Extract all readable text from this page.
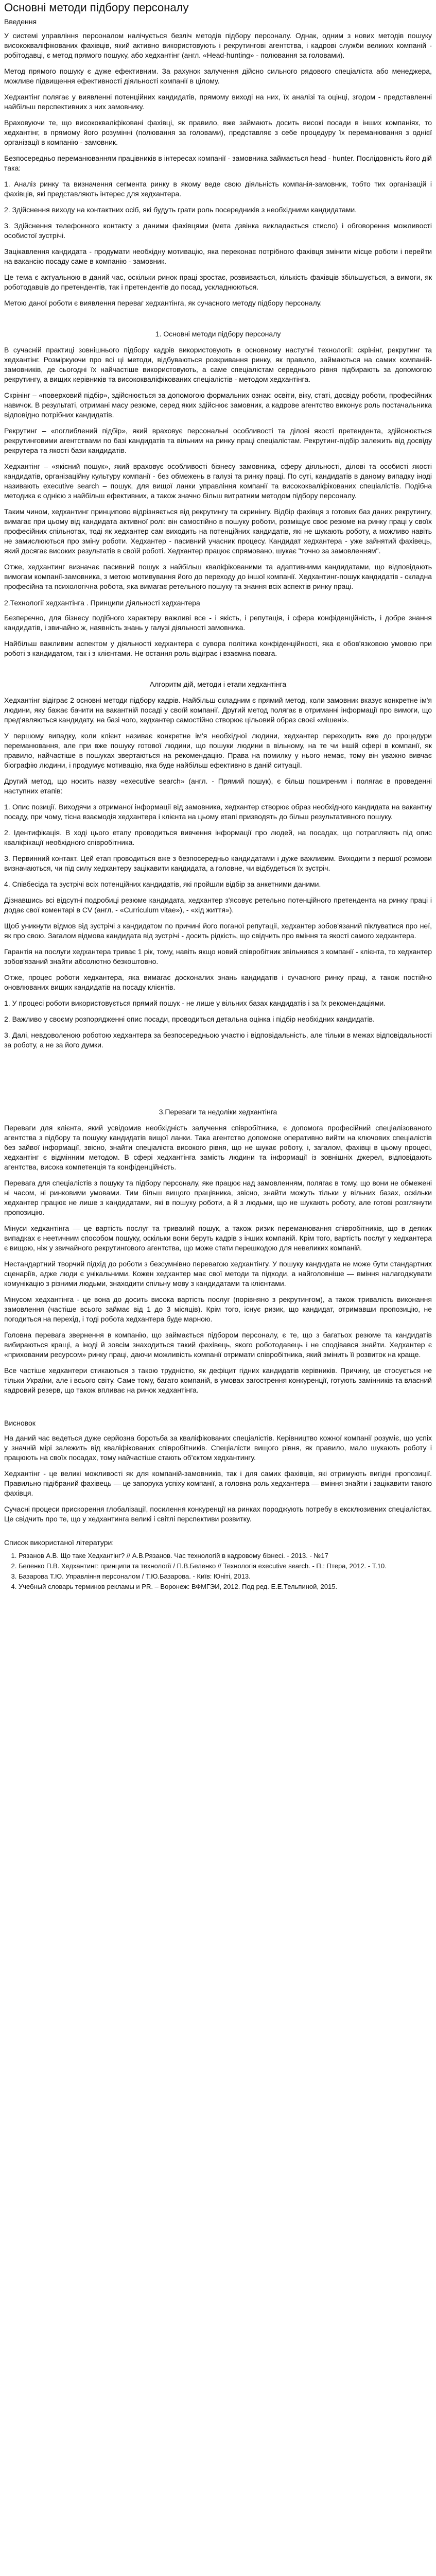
Основні методи підбору персоналу
Введення

У системі управління персоналом налічується безліч методів підбору персоналу. Однак, одним з нових методів пошуку висококваліфікованих фахівців, який активно використовують і рекрутингові агентства, і кадрові служби великих компаній - робітодавці, є метод прямого пошуку, або хедхантінг (англ. «Head-hunting» - полювання за головами).

Метод прямого пошуку є дуже ефективним. За рахунок залучення дійсно сильного рядового спеціаліста або менеджера, можливе підвищення ефективності діяльності компанії в цілому.

Хедхантінг полягає у виявленні потенційних кандидатів, прямому виході на них, їх аналізі та оцінці, згодом - представленні найбільш перспективних з них замовнику.

Враховуючи те, що висококваліфіковані фахівці, як правило, вже займають досить високі посади в інших компаніях, то хедхантінг, в прямому його розумінні (полювання за головами), представляє з себе процедуру їх переманювання з однієї організації в компанію - замовник.

Безпосередньо переманюванням працівників в інтересах компанії - замовника займається head - hunter. Послідовність його дій така:

1. Аналіз ринку та визначення сегмента ринку в якому веде свою діяльність компанія-замовник, тобто тих організацій і фахівців, які представляють інтерес для хедхантера.

2. Здійснення виходу на контактних осіб, які будуть грати роль посередників з необхідними кандидатами.

3. Здійснення телефонного контакту з даними фахівцями (мета дзвінка викладається стисло) і обговорення можливості особистої зустрічі.

Зацікавлення кандидата - продумати необхідну мотивацію, яка переконає потрібного фахівця змінити місце роботи і перейти на вакансію посаду саме в компанію - замовник.

Це тема є актуальною в даний час, оскільки ринок праці зростає, розвивається, кількість фахівців збільшується, а вимоги, як роботодавців до претендентів, так і претендентів до посад, ускладнюються.

Метою даної роботи є виявлення переваг хедхантінга, як сучасного методу підбору персоналу.

1. Основні методи підбору персоналу

В сучасній практиці зовнішнього підбору кадрів використовують в основному наступні технології: скрінінг, рекрутинг та хедхантінг. Розміркуючи про всі ці методи, відбуваються розкривання ринку, як правило, займаються на самих компаній-замовників, де сьогодні їх найчастіше використовують, а саме спеціалістам середнього рівня підбирають за допомогою рекрутингу, а вищих керівників та висококваліфікованих спеціалістів - методом хедхантінга.

Скрінінг – «поверховий підбір», здійснюється за допомогою формальних ознак: освіти, віку, статі, досвіду роботи, професійних навичок. В результаті, отримані масу резюме, серед яких здійснює замовник, а кадрове агентство виконує роль постачальника відповідно потрібних кандидатів.

Рекрутинг – «поглиблений підбір», який враховує персональні особливості та ділові якості претендента, здійснюється рекрутинговими агентствами по базі кандидатів та вільним на ринку праці спеціалістам. Рекрутинг-підбір залежить від досвіду рекрутера та якості бази кандидатів.

Хедхантінг – «якісний пошук», який враховує особливості бізнесу замовника, сферу діяльності, ділові та особисті якості кандидатів, організаційну культуру компанії - без обмежень в галузі та ринку праці. По суті, кандидатів в даному випадку іноді називають executive search – пошук, для вищої ланки управління компанії та висококваліфікованих спеціалістів. Подібна методика є однією з найбільш ефективних, а також значно більш витратним методом підбору персоналу.

Таким чином, хедхантинг принципово відрізняється від рекрутингу та скринінгу. Відбір фахівця з готових баз даних рекрутингу, вимагає при цьому від кандидата активної ролі: він самостійно в пошуку роботи, розміщує своє резюме на ринку праці у своїх професійних спільнотах, тоді як хедхантер сам виходить на потенційних кандидатів, які не шукають роботу, а можливо навіть не замислюються про зміну роботи. Хедхантер - пасивний учасник процесу. Кандидат хедхантера - уже зайнятий фахівець, який досягає високих результатів в своїй роботі. Хедхантер працює спрямовано, шукає "точно за замовленням".

Отже, хедхантинг визначає пасивний пошук з найбільш кваліфікованими та адаптивними кандидатами, що відповідають вимогам компанії-замовника, з метою мотивування його до переходу до іншої компанії. Хедхантинг-пошук кандидатів - складна професійна та психологічна робота, яка вимагає ретельного пошуку та знання всіх аспектів ринку праці.

2.Технології хедхантінга . Принципи діяльності хедхантера

Безперечно, для бізнесу подібного характеру важливі все - і якість, і репутація, і сфера конфіденційність, і добре знання кандидатів, і звичайно ж, наявність знань у галузі діяльності замовника.

Найбільш важливим аспектом у діяльності хедхантера є сувора політика конфіденційності, яка є обов'язковою умовою при роботі з кандидатом, так і з клієнтами. Не остання роль відіграє і взаємна повага.

Алгоритм дій, методи і етапи хедхантінга

Хедхантінг відіграє 2 основні методи підбору кадрів. Найбільш складним є прямий метод, коли замовник вказує конкретне ім'я людини, яку бажає бачити на вакантній посаді у своїй компанії. Другий метод полягає в отриманні інформації про вимоги, що пред'являються кандидату, на базі чого, хедхантер самостійно створює цільовий образ своєї «мішені».

У першому випадку, коли клієнт називає конкретне ім'я необхідної людини, хедхантер переходить вже до процедури переманювання, але при вже пошуку готової людини, що пошуки людини в вільному, на те чи іншій сфері в компанії, як правило, найчастіше в пошуках звертаються на рекомендацію. Права на помилку у нього немає, тому він уважно вивчає біографію людини, і продумує мотивацію, яка буде найбільш ефективно в даній ситуації.

Другий метод, що носить назву «executive search» (англ. - Прямий пошук), є більш поширеним і полягає в проведенні наступних етапів:

1. Опис позиції. Виходячи з отриманої інформації від замовника, хедхантер створює образ необхідного кандидата на вакантну посаду, при чому, тісна взаємодія хедхантера і клієнта на цьому етапі призводять до більш результативного пошуку.

2. Ідентифікація. В ході цього етапу проводиться вивчення інформації про людей, на посадах, що потрапляють під опис кваліфікації необхідного співробітника.

3. Первинний контакт. Цей етап проводиться вже з безпосередньо кандидатами і дуже важливим. Виходити з першої розмови визначаються, чи під силу хедхантеру зацікавити кандидата, а головне, чи відбудеться їх зустріч.

4. Співбесіда та зустрічі всіх потенційних кандидатів, які пройшли відбір за анкетними даними.

Дізнавшись всі відсутні подробиці резюме кандидата, хедхантер з'ясовує ретельно потенційного претендента на ринку праці і додає свої коментарі в CV (англ. - «Curriculum vitae»), - «хід життя»).

Щоб уникнути відмов від зустрічі з кандидатом по причині його поганої репутації, хедхантер зобов'язаний піклуватися про неї, як про свою. Загалом відмова кандидата від зустрічі - досить рідкість, що свідчить про вміння та якості самого хедхантера.

Гарантія на послуги хедхантера триває 1 рік, тому, навіть якщо новий співробітник звільнився з компанії - клієнта, то хедхантер зобов'язаний знайти абсолютно безкоштовно.

Отже, процес роботи хедхантера, яка вимагає досконалих знань кандидатів і сучасного ринку праці, а також постійно оновлюваних вищих кандидатів на посаду клієнтів.

1. У процесі роботи використовується прямий пошук - не лише у вільних базах кандидатів і за їх рекомендаціями.

2. Важливо у своєму розпорядженні опис посади, проводиться детальна оцінка і підбір необхідних кандидатів.

3. Далі, невдоволеною роботою хедхантера за безпосередньою участю і відповідальність, але тільки в межах відповідальності за роботу, а не за його думки.

3.Переваги та недоліки хедхантінга

Переваги для клієнта, який усвідомив необхідність залучення співробітника, є допомога професійний спеціалізованого агентства з підбору та пошуку кандидатів вищої ланки. Така агентство допоможе оперативно вийти на ключових спеціалістів без зайвої інформації, звісно, знайти спеціаліста високого рівня, що не шукає роботу, і, загалом, фахівці в цьому процесі, хедхантінг є відмінним методом. В сфері хедхантінга замість людини та інформації із зовнішніх джерел, відповідають агентства, висока компетенція та конфіденційність.

Перевага для спеціалістів з пошуку та підбору персоналу, яке працює над замовленням, полягає в тому, що вони не обмежені ні часом, ні ринковими умовами. Тим більш вищого працівника, звісно, знайти можуть тільки у вільних базах, оскільки хедхантер працює не лише з кандидатами, які в пошуку роботи, а й з людьми, що не шукають роботу, але готові розглянути пропозицію.

Мінуси хедхантінга — це вартість послуг та тривалий пошук, а також ризик переманювання співробітників, що в деяких випадках є неетичним способом пошуку, оскільки вони беруть кадрів з інших компаній. Крім того, вартість послуг у хедхантера є вищою, ніж у звичайного рекрутингового агентства, що може стати перешкодою для невеликих компаній.

Нестандартний творчий підхід до роботи з безсумнівно перевагою хедхантінгу. У пошуку кандидата не може бути стандартних сценаріїв, адже люди є унікальними. Кожен хедхантер має свої методи та підходи, а найголовніше — вміння налагоджувати комунікацію з різними людьми, знаходити спільну мову з кандидатами та клієнтами.

Мінусом хедхантінга - це вона до досить висока вартість послуг (порівняно з рекрутингом), а також тривалість виконання замовлення (частіше всього займає від 1 до 3 місяців). Крім того, існує ризик, що кандидат, отримавши пропозицію, не погодиться на перехід, і тоді робота хедхантера буде марною.

Головна перевага звернення в компанію, що займається підбором персоналу, є те, що з багатьох резюме та кандидатів вибираються кращі, а іноді й зовсім знаходиться такий фахівець, якого роботодавець і не сподівався знайти. Хедхантер є «прихованим ресурсом» ринку праці, даючи можливість компанії отримати співробітника, який змінить її розвиток на краще.

Все частіше хедхантери стикаються з такою трудністю, як дефіцит гідних кандидатів керівників. Причину, це стосується не тільки України, але і всього світу. Саме тому, багато компаній, в умовах загострення конкуренції, готують замінників та власний кадровий резерв, що також впливає на ринок хедхантінга.

Висновок

На даний час ведеться дуже серйозна боротьба за кваліфікованих спеціалістів. Керівництво кожної компанії розуміє, що успіх у значній мірі залежить від кваліфікованих співробітників. Спеціалісти вищого рівня, як правило, мало шукають роботу і працюють на своїх посадах, тому найчастіше стають об'єктом хедхантингу.

Хедхантінг - це великі можливості як для компаній-замовників, так і для самих фахівців, які отримують вигідні пропозиції. Правильно підібраний фахівець — це запорука успіху компанії, а головна роль хедхантера — вміння знайти і зацікавити такого фахівця.

Сучасні процеси прискорення глобалізації, посилення конкуренції на ринках породжують потребу в ексклюзивних спеціалістах. Це свідчить про те, що у хедхантинга великі і світлі перспективи розвитку.

Список використаної літератури:
1. Рязанов А.В. Що таке Хедхантінг? // А.В.Рязанов. Час технологій в кадровому бізнесі. - 2013. - №17
2. Беленко П.В. Хедхантинг: принципи та технології / П.В.Беленко // Технологія executive search. - П.: Птера, 2012. - Т.10.
3. Базарова Т.Ю. Управління персоналом / Т.Ю.Базарова. - Київ: Юніті, 2013.
4. Учебный словарь терминов рекламы и PR. – Воронеж: ВФМГЭИ, 2012. Под ред. Е.Е.Тельпиной, 2015.
